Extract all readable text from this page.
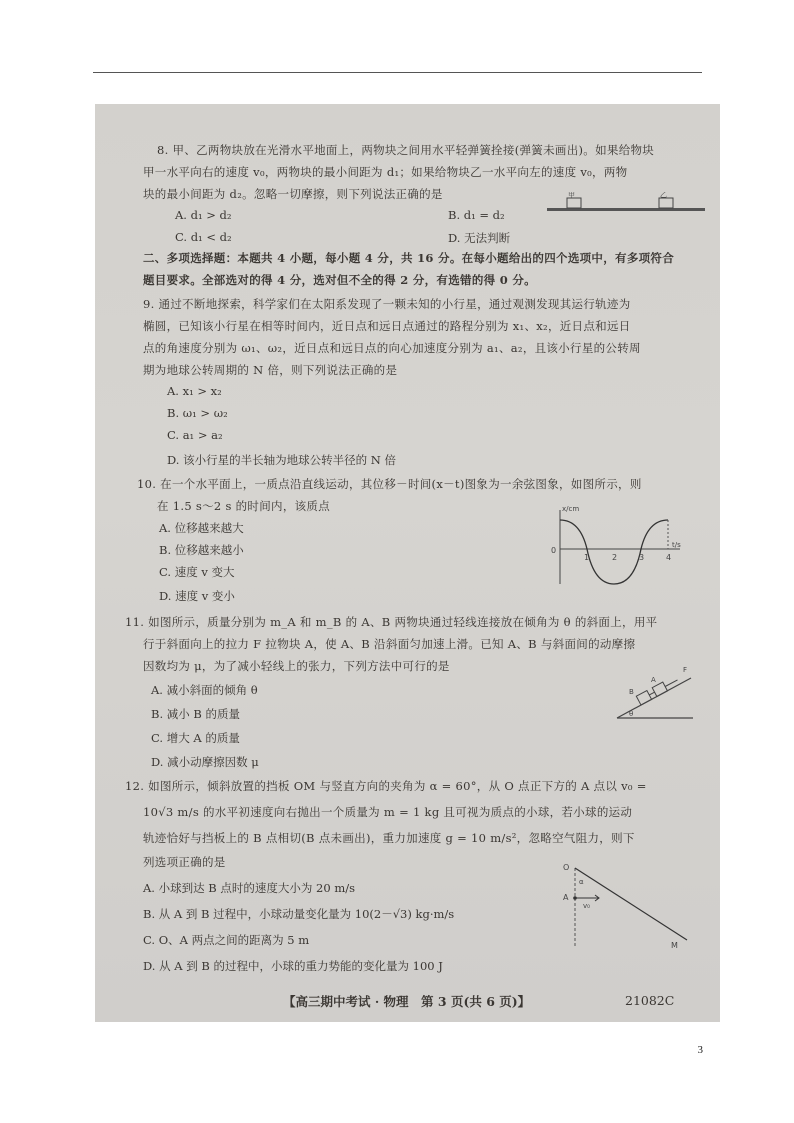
8. 甲、乙两物块放在光滑水平地面上，两物块之间用水平轻弹簧拴接(弹簧未画出)。如果给物块
甲一水平向右的速度 v₀，两物块的最小间距为 d₁；如果给物块乙一水平向左的速度 v₀，两物
块的最小间距为 d₂。忽略一切摩擦，则下列说法正确的是
A. d₁ > d₂	B. d₁ = d₂
C. d₁ < d₂	D. 无法判断
甲	乙
二、多项选择题：本题共 4 小题，每小题 4 分，共 16 分。在每小题给出的四个选项中，有多项符合
题目要求。全部选对的得 4 分，选对但不全的得 2 分，有选错的得 0 分。
9. 通过不断地探索，科学家们在太阳系发现了一颗未知的小行星，通过观测发现其运行轨迹为
椭圆，已知该小行星在相等时间内，近日点和远日点通过的路程分别为 x₁、x₂，近日点和远日
点的角速度分别为 ω₁、ω₂，近日点和远日点的向心加速度分别为 a₁、a₂，且该小行星的公转周
期为地球公转周期的 N 倍，则下列说法正确的是
A. x₁ > x₂
B. ω₁ > ω₂
C. a₁ > a₂
D. 该小行星的半长轴为地球公转半径的 N 倍
10. 在一个水平面上，一质点沿直线运动，其位移－时间(x－t)图象为一余弦图象，如图所示，则
在 1.5 s～2 s 的时间内，该质点
A. 位移越来越大
B. 位移越来越小
C. 速度 v 变大
D. 速度 v 变小
x/cm
t/s
0
1	2	3	4
11. 如图所示，质量分别为 m_A 和 m_B 的 A、B 两物块通过轻线连接放在倾角为 θ 的斜面上，用平
行于斜面向上的拉力 F 拉物块 A，使 A、B 沿斜面匀加速上滑。已知 A、B 与斜面间的动摩擦
因数均为 μ，为了减小轻线上的张力，下列方法中可行的是
A. 减小斜面的倾角 θ
B. 减小 B 的质量
C. 增大 A 的质量
D. 减小动摩擦因数 μ
B
A
F
θ
12. 如图所示，倾斜放置的挡板 OM 与竖直方向的夹角为 α = 60°，从 O 点正下方的 A 点以 v₀ =
10√3 m/s 的水平初速度向右抛出一个质量为 m = 1 kg 且可视为质点的小球，若小球的运动
轨迹恰好与挡板上的 B 点相切(B 点未画出)，重力加速度 g = 10 m/s²，忽略空气阻力，则下
列选项正确的是
A. 小球到达 B 点时的速度大小为 20 m/s
B. 从 A 到 B 过程中，小球动量变化量为 10(2－√3) kg·m/s
C. O、A 两点之间的距离为 5 m
D. 从 A 到 B 的过程中，小球的重力势能的变化量为 100 J
O
A
α
v₀
M
【高三期中考试 · 物理　第 3 页(共 6 页)】	21082C
3
